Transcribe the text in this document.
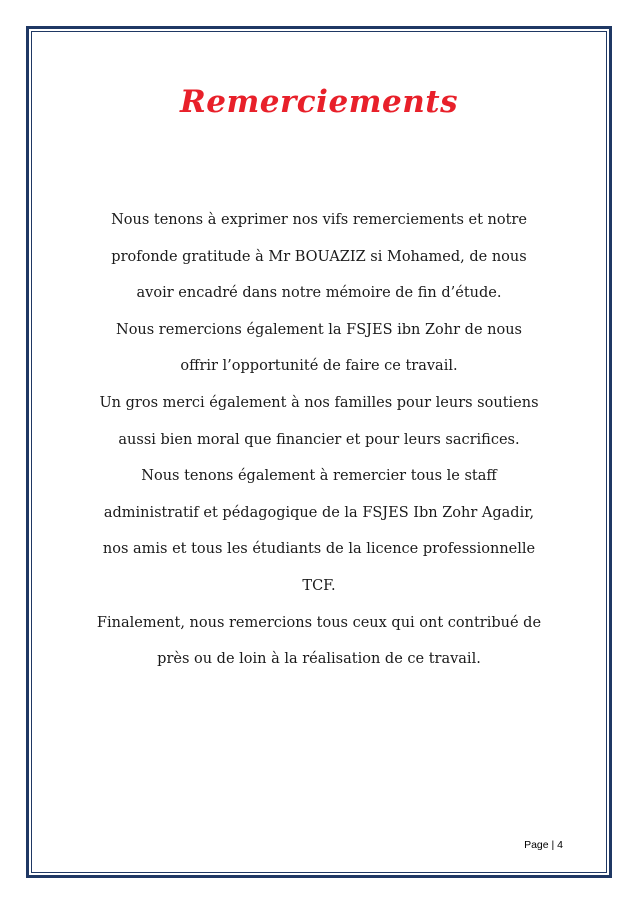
Remerciements

Nous tenons à exprimer nos vifs remerciements et notre profonde gratitude à Mr BOUAZIZ si Mohamed, de nous avoir encadré dans notre mémoire de fin d’étude.

Nous remercions également la FSJES ibn Zohr de nous offrir l’opportunité de faire ce travail.

Un gros merci également à nos familles pour leurs soutiens aussi bien moral que financier et pour leurs sacrifices.

Nous tenons également à remercier tous le staff administratif et pédagogique de la FSJES Ibn Zohr Agadir, nos amis et tous les étudiants de la licence professionnelle TCF.

Finalement, nous remercions tous ceux qui ont contribué de près ou de loin à la réalisation de ce travail.

Page | 4
